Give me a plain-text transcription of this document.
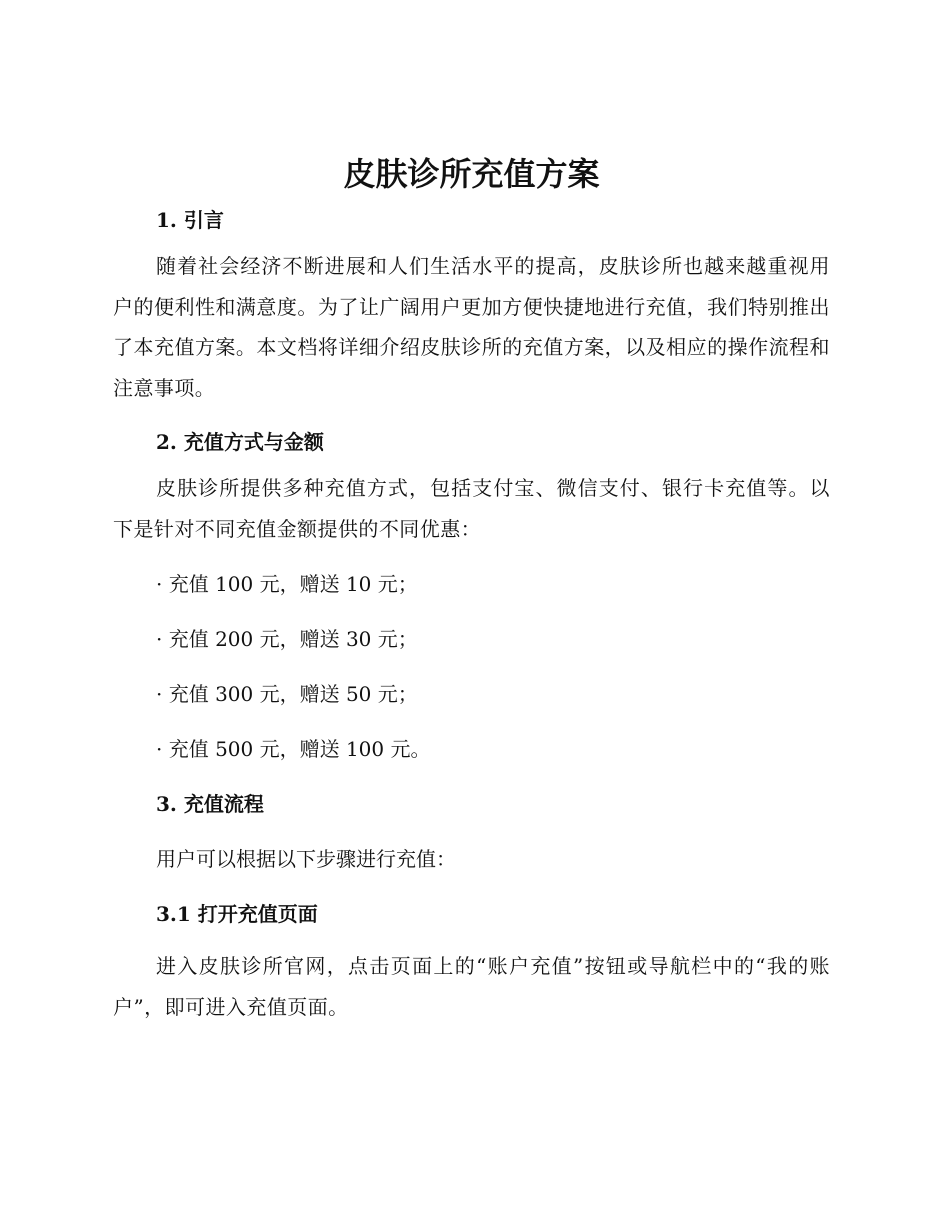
皮肤诊所充值方案
1. 引言

随着社会经济不断进展和人们生活水平的提高，皮肤诊所也越来越重视用户的便利性和满意度。为了让广阔用户更加方便快捷地进行充值，我们特别推出了本充值方案。本文档将详细介绍皮肤诊所的充值方案，以及相应的操作流程和注意事项。

2. 充值方式与金额

皮肤诊所提供多种充值方式，包括支付宝、微信支付、银行卡充值等。以下是针对不同充值金额提供的不同优惠：

· 充值 100 元，赠送 10 元；

· 充值 200 元，赠送 30 元；

· 充值 300 元，赠送 50 元；

· 充值 500 元，赠送 100 元。

3. 充值流程

用户可以根据以下步骤进行充值：

3.1 打开充值页面

进入皮肤诊所官网，点击页面上的“账户充值”按钮或导航栏中的“我的账户”，即可进入充值页面。
